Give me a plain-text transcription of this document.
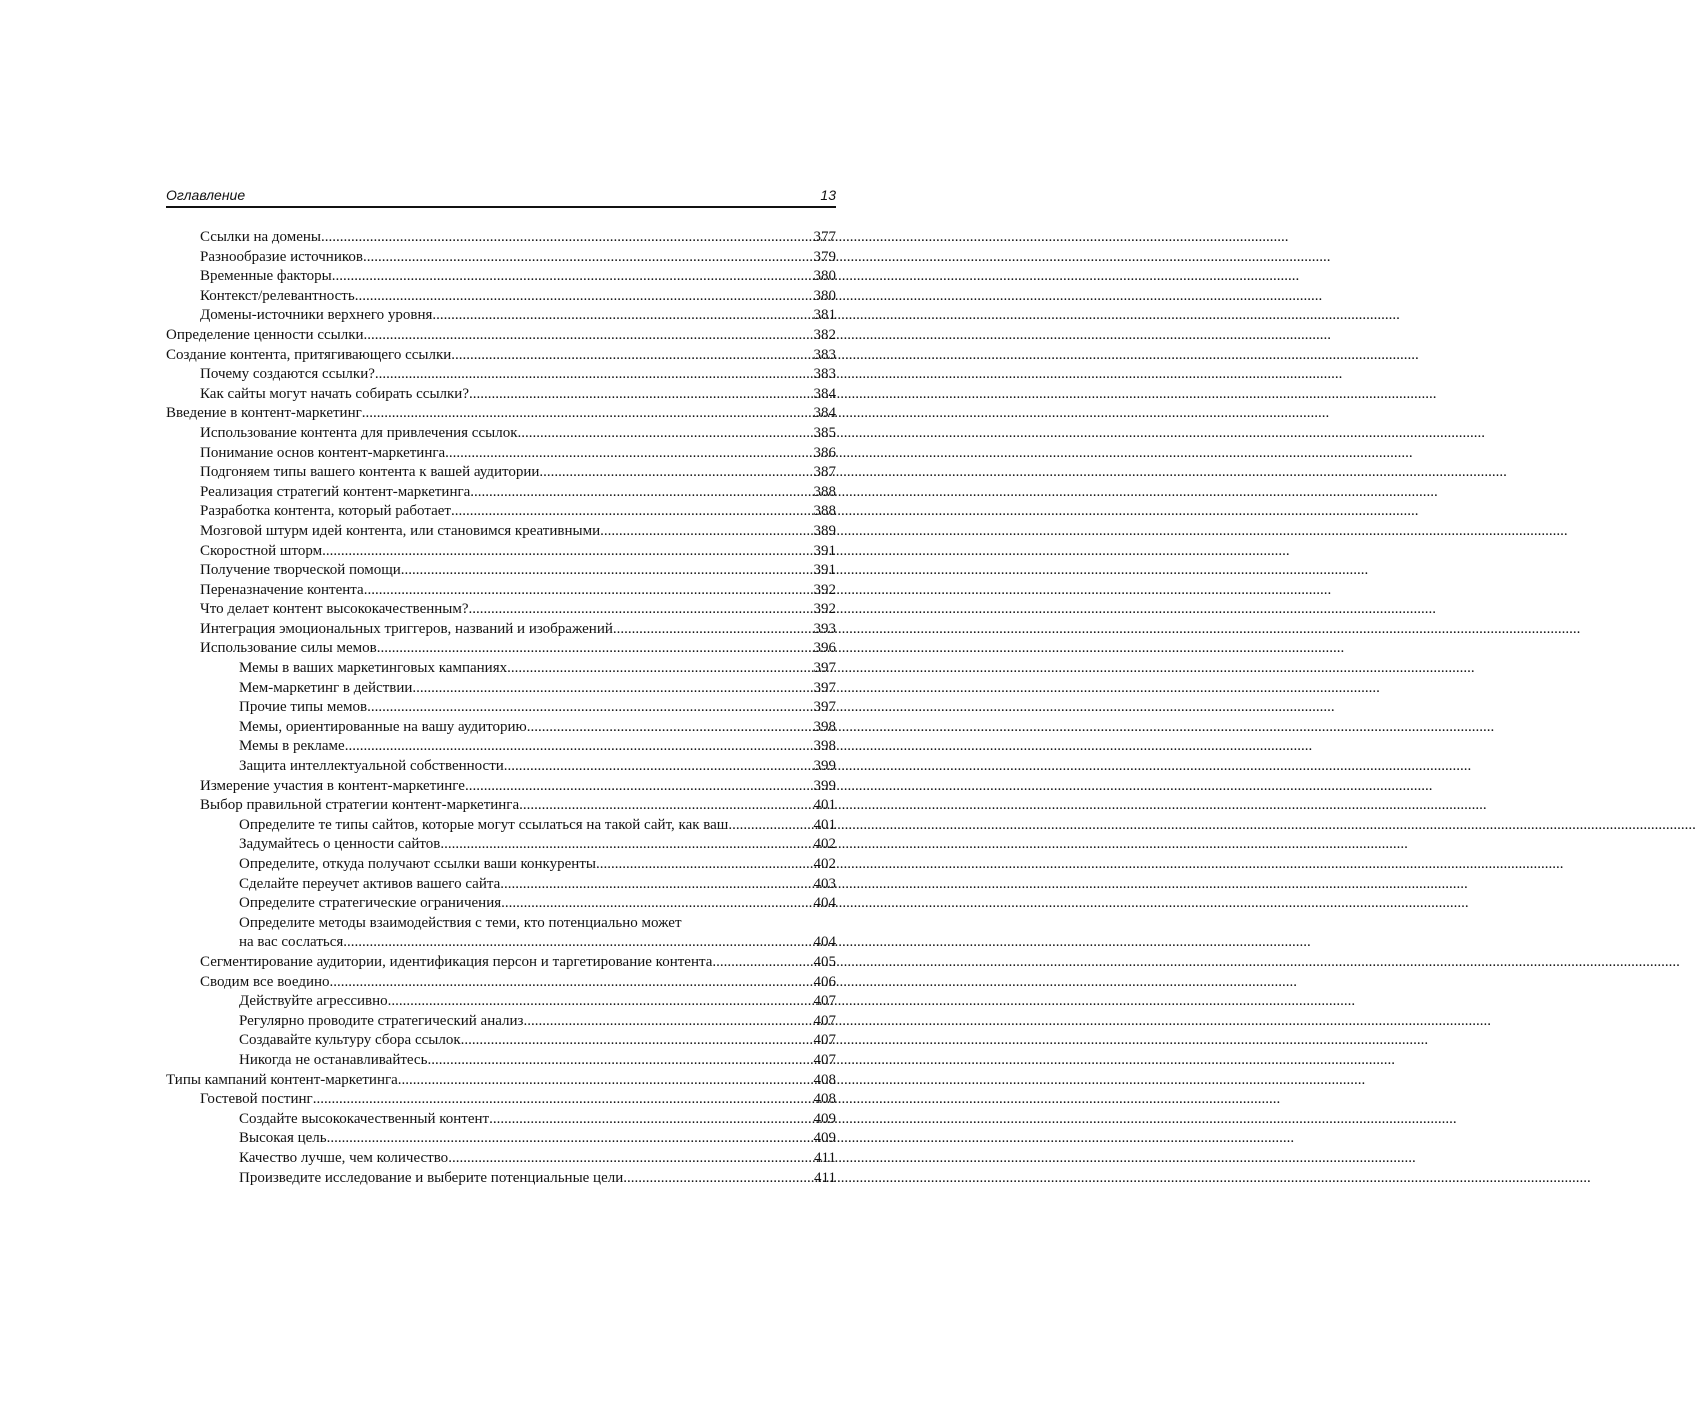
Оглавление	13
Ссылки на домены .....	377
Разнообразие источников .....	379
Временные факторы .....	380
Контекст/релевантность .....	380
Домены-источники верхнего уровня .....	381
Определение ценности ссылки .....	382
Создание контента, притягивающего ссылки .....	383
Почему создаются ссылки? .....	383
Как сайты могут начать собирать ссылки? .....	384
Введение в контент-маркетинг .....	384
Использование контента для привлечения ссылок .....	385
Понимание основ контент-маркетинга .....	386
Подгоняем типы вашего контента к вашей аудитории .....	387
Реализация стратегий контент-маркетинга .....	388
Разработка контента, который работает .....	388
Мозговой штурм идей контента, или становимся креативными .....	389
Скоростной шторм .....	391
Получение творческой помощи .....	391
Переназначение контента .....	392
Что делает контент высококачественным? .....	392
Интеграция эмоциональных триггеров, названий и изображений .....	393
Использование силы мемов .....	396
Мемы в ваших маркетинговых кампаниях .....	397
Мем-маркетинг в действии .....	397
Прочие типы мемов .....	397
Мемы, ориентированные на вашу аудиторию .....	398
Мемы в рекламе .....	398
Защита интеллектуальной собственности .....	399
Измерение участия в контент-маркетинге .....	399
Выбор правильной стратегии контент-маркетинга .....	401
Определите те типы сайтов, которые могут ссылаться на такой сайт, как ваш .....	401
Задумайтесь о ценности сайтов .....	402
Определите, откуда получают ссылки ваши конкуренты .....	402
Сделайте переучет активов вашего сайта .....	403
Определите стратегические ограничения .....	404
Определите методы взаимодействия с теми, кто потенциально может
на вас сослаться .....	404
Сегментирование аудитории, идентификация персон и таргетирование контента .....	405
Сводим все воедино .....	406
Действуйте агрессивно .....	407
Регулярно проводите стратегический анализ .....	407
Создавайте культуру сбора ссылок .....	407
Никогда не останавливайтесь .....	407
Типы кампаний контент-маркетинга .....	408
Гостевой постинг .....	408
Создайте высококачественный контент .....	409
Высокая цель .....	409
Качество лучше, чем количество .....	411
Произведите исследование и выберите потенциальные цели .....	411
